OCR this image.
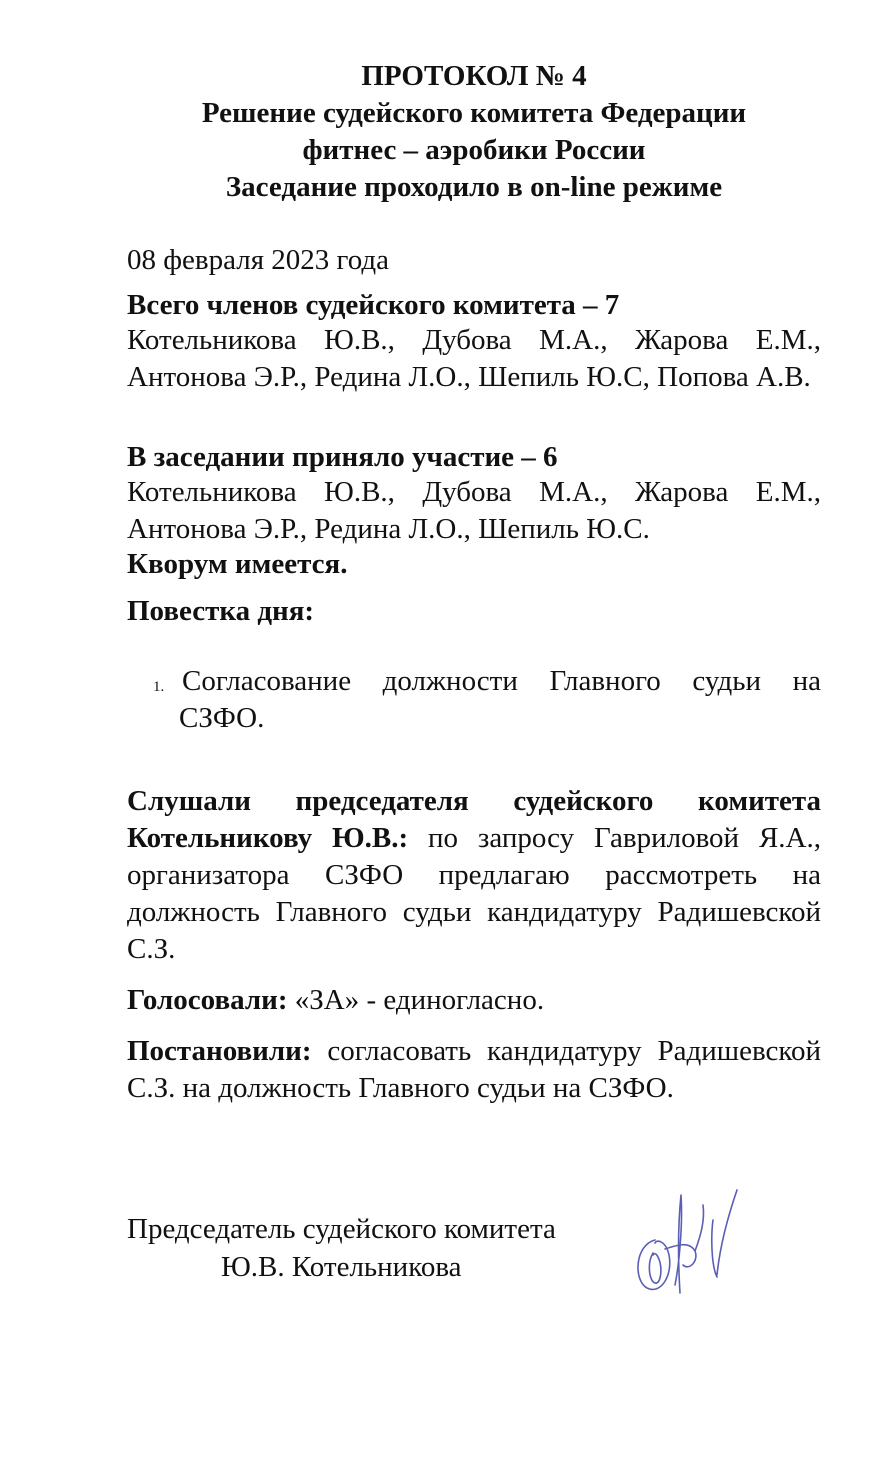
ПРОТОКОЛ № 4
Решение судейского комитета Федерации
фитнес – аэробики России
Заседание проходило в on-line режиме
08 февраля 2023 года
Всего членов судейского комитета – 7
Котельникова Ю.В., Дубова М.А., Жарова Е.М., Антонова Э.Р., Редина Л.О., Шепиль Ю.С, Попова А.В.
В заседании приняло участие – 6
Котельникова Ю.В., Дубова М.А., Жарова Е.М., Антонова Э.Р., Редина Л.О., Шепиль Ю.С.
Кворум имеется.
Повестка дня:
1. Согласование должности Главного судьи на
СЗФО.
Слушали председателя судейского комитета Котельникову Ю.В.: по запросу Гавриловой Я.А., организатора СЗФО предлагаю рассмотреть на должность Главного судьи кандидатуру Радишевской С.З.
Голосовали: «ЗА» - единогласно.
Постановили: согласовать кандидатуру Радишевской С.З. на должность Главного судьи на СЗФО.
Председатель судейского комитета
Ю.В. Котельникова
